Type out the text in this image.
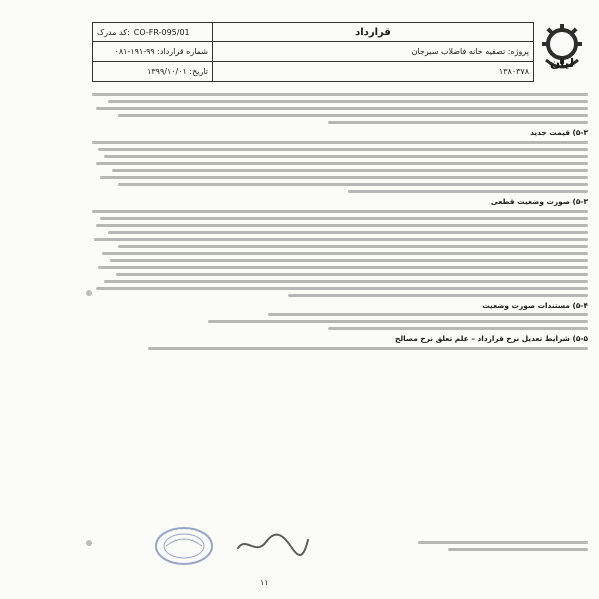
کد مدرک: CO-FR-095/01	قرارداد
شماره قرارداد: ۹۹-۱۹۱-۰۸۱	پروژه: تصفیه خانه فاضلاب سیرجان
تاریخ: ۱۳۹۹/۱۰/۰۱	۱۳۸۰۳۷۸
ليان
۵-۳) قیمت جدید
۵-۳) صورت وضعیت قطعی
۵-۴) مستندات صورت وضعیت
۵-۵) شرایط تعدیل نرخ قرارداد – علم تعلق نرخ مصالح
۱۱
